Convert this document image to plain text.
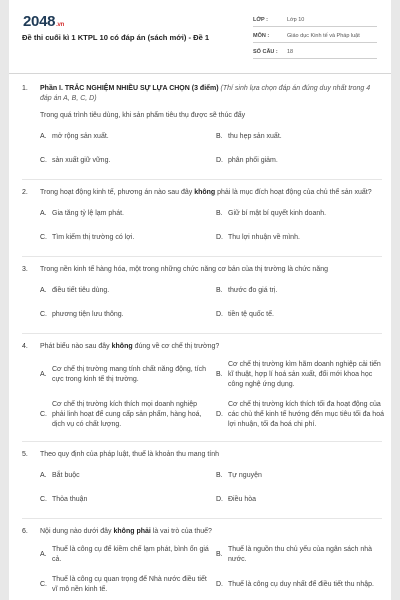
2048.vn
Đề thi cuối kì 1 KTPL 10 có đáp án (sách mới) - Đề 1
LỚP :	Lớp 10
MÔN :	Giáo dục Kinh tế và Pháp luật
SỐ CÂU :	18
1.	Phần I. TRẮC NGHIỆM NHIỀU SỰ LỰA CHỌN (3 điểm) (Thí sinh lựa chọn đáp án đúng duy nhất trong 4 đáp án A, B, C, D)
Trong quá trình tiêu dùng, khi sản phẩm tiêu thụ được sẽ thúc đẩy
A. mở rộng sản xuất.	B. thu hẹp sản xuất.
C. sản xuất giữ vững.	D. phân phối giảm.
2.	Trong hoạt động kinh tế, phương án nào sau đây không phải là mục đích hoạt động của chủ thể sản xuất?
A. Gia tăng tỷ lệ lạm phát.	B. Giữ bí mật bí quyết kinh doanh.
C. Tìm kiếm thị trường có lợi.	D. Thu lợi nhuận về mình.
3.	Trong nền kinh tế hàng hóa, một trong những chức năng cơ bản của thị trường là chức năng
A. điều tiết tiêu dùng.	B. thước đo giá trị.
C. phương tiện lưu thông.	D. tiền tệ quốc tế.
4.	Phát biểu nào sau đây không đúng về cơ chế thị trường?
A.
Cơ chế thị trường mang tính chất năng động, tích cực trong kinh tế thị trường.
B.
Cơ chế thị trường kìm hãm doanh nghiệp cải tiến kĩ thuật, hợp lí hoá sản xuất, đổi mới khoa học công nghệ ứng dụng.
C.
Cơ chế thị trường kích thích mọi doanh nghiệp phải linh hoạt để cung cấp sản phẩm, hàng hoá, dịch vụ có chất lượng.
D.
Cơ chế thị trường kích thích tối đa hoạt động của các chủ thể kinh tế hướng đến mục tiêu tối đa hoá lợi nhuận, tối đa hoá chi phí.
5.	Theo quy định của pháp luật, thuế là khoản thu mang tính
A. Bắt buộc	B. Tự nguyện
C. Thỏa thuận	D. Điều hòa
6.	Nội dung nào dưới đây không phải là vai trò của thuế?
A.
Thuế là công cụ để kiềm chế lạm phát, bình ổn giá cả.
B.
Thuế là nguồn thu chủ yếu của ngân sách nhà nước.
C.
Thuế là công cụ quan trọng để Nhà nước điều tiết vĩ mô nền kinh tế.
D. Thuế là công cụ duy nhất để điều tiết thu nhập.
